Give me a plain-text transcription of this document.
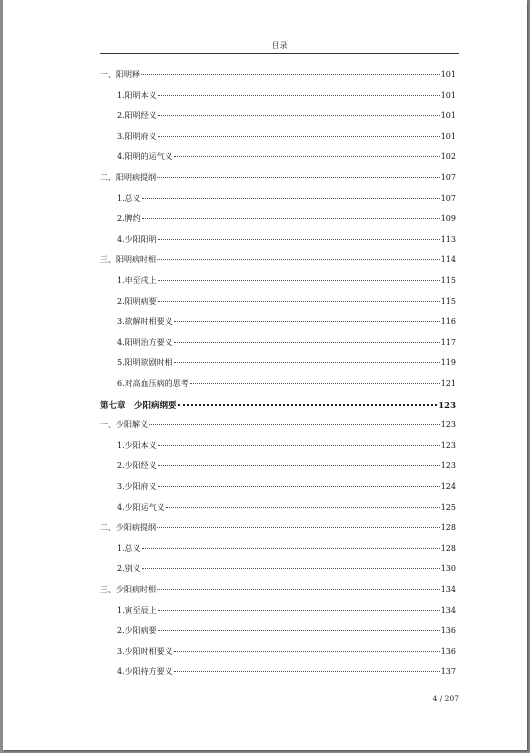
目录
一、阳明释	101
1.阳明本义	101
2.阳明经义	101
3.阳明府义	101
4.阳明的运气义	102
二、阳明病提纲	107
1.总义	107
2.脾约	109
4.少阳阳明	113
三、阳明病时相	114
1.申至戌上	115
2.阳明病要	115
3.欲解时相要义	116
4.阳明治方要义	117
5.阳明欲剧时相	119
6.对高血压病的思考	121
第七章　少阳病纲要	123
一、少阳解义	123
1.少阳本义	123
2.少阳经义	123
3.少阳府义	124
4.少阳运气义	125
二、少阳病提纲	128
1.总义	128
2.别义	130
三、少阳病时相	134
1.寅至辰上	134
2.少阳病要	136
3.少阳时相要义	136
4.少阳持方要义	137
4 / 207
